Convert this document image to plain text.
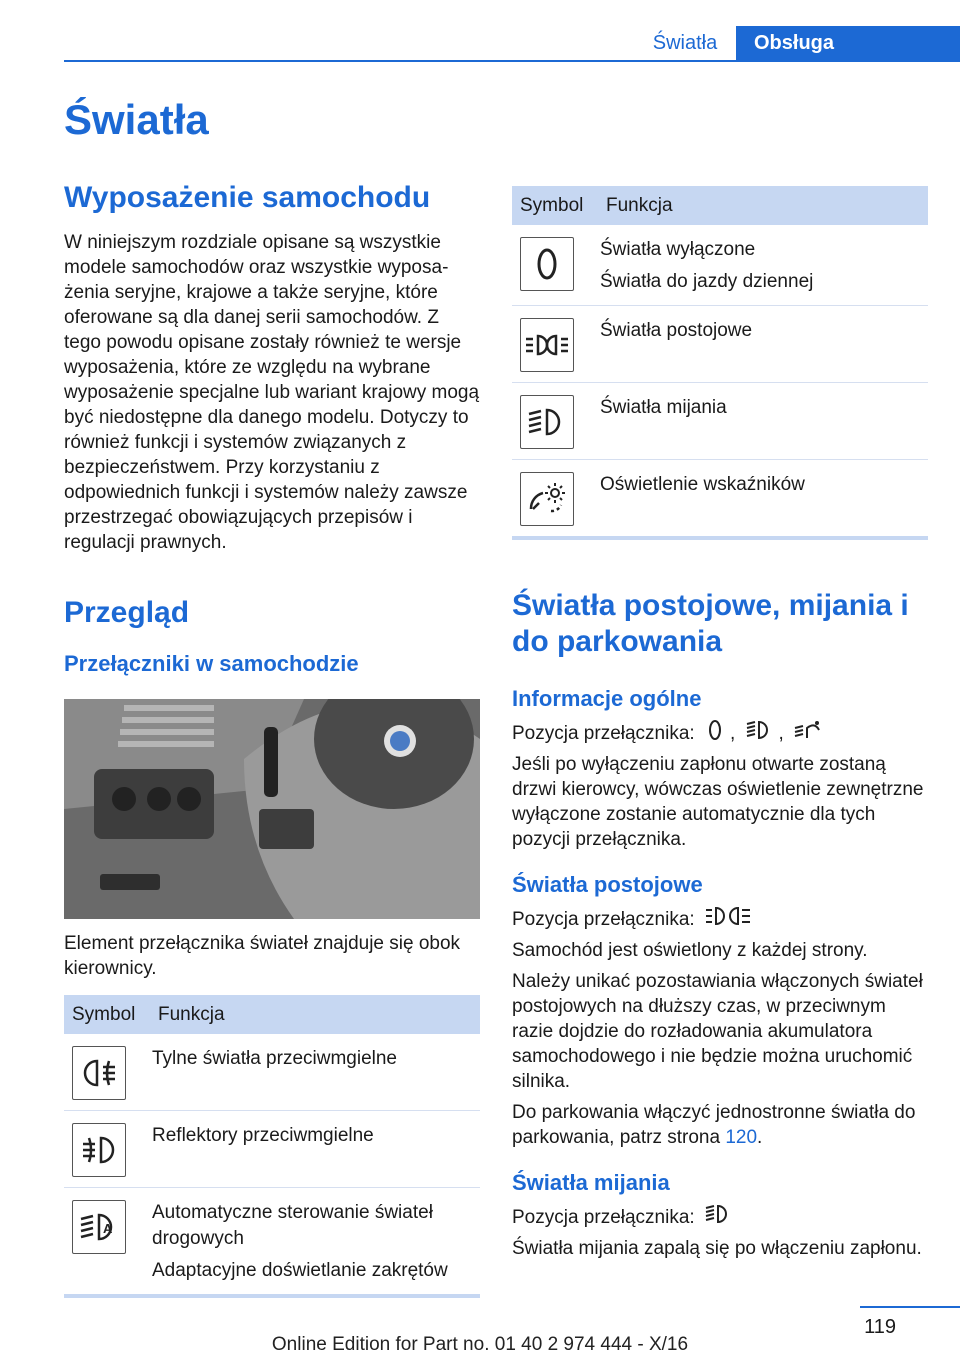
Światła	Obsługa
Światła
Wyposażenie samochodu

W niniejszym rozdziale opisane są wszystkie modele samochodów oraz wszystkie wyposażenia seryjne, krajowe a także seryjne, które oferowane są dla danej serii samochodów. Z tego powodu opisane zostały również te wersje wyposażenia, które ze względu na wybrane wyposażenie specjalne lub wariant krajowy mogą być niedostępne dla danego modelu. Dotyczy to również funkcji i systemów związanych z bezpieczeństwem. Przy korzystaniu z odpowiednich funkcji i systemów należy zawsze przestrzegać obowiązujących przepisów i regulacji prawnych.

Przegląd
Przełączniki w samochodzie

Element przełącznika świateł znajduje się obok kierownicy.

Symbol	Funkcja

Tylne światła przeciwmgielne

Reflektory przeciwmgielne

A	Automatyczne sterowanie świateł drogowych
Adaptacyjne doświetlanie zakrętów
Symbol	Funkcja

Światła wyłączone
Światła do jazdy dziennej

Światła postojowe

Światła mijania

Oświetlenie wskaźników
Światła postojowe, mijania i do parkowania
Informacje ogólne

Pozycja przełącznika: , ,

Jeśli po wyłączeniu zapłonu otwarte zostaną drzwi kierowcy, wówczas oświetlenie zewnętrzne wyłączone zostanie automatycznie dla tych pozycji przełącznika.

Światła postojowe

Pozycja przełącznika:

Samochód jest oświetlony z każdej strony.

Należy unikać pozostawiania włączonych świateł postojowych na dłuższy czas, w przeciwnym razie dojdzie do rozładowania akumulatora samochodowego i nie będzie można uruchomić silnika.

Do parkowania włączyć jednostronne światła do parkowania, patrz strona 120.

Światła mijania

Pozycja przełącznika:

Światła mijania zapalą się po włączeniu zapłonu.

119
Online Edition for Part no. 01 40 2 974 444 - X/16
